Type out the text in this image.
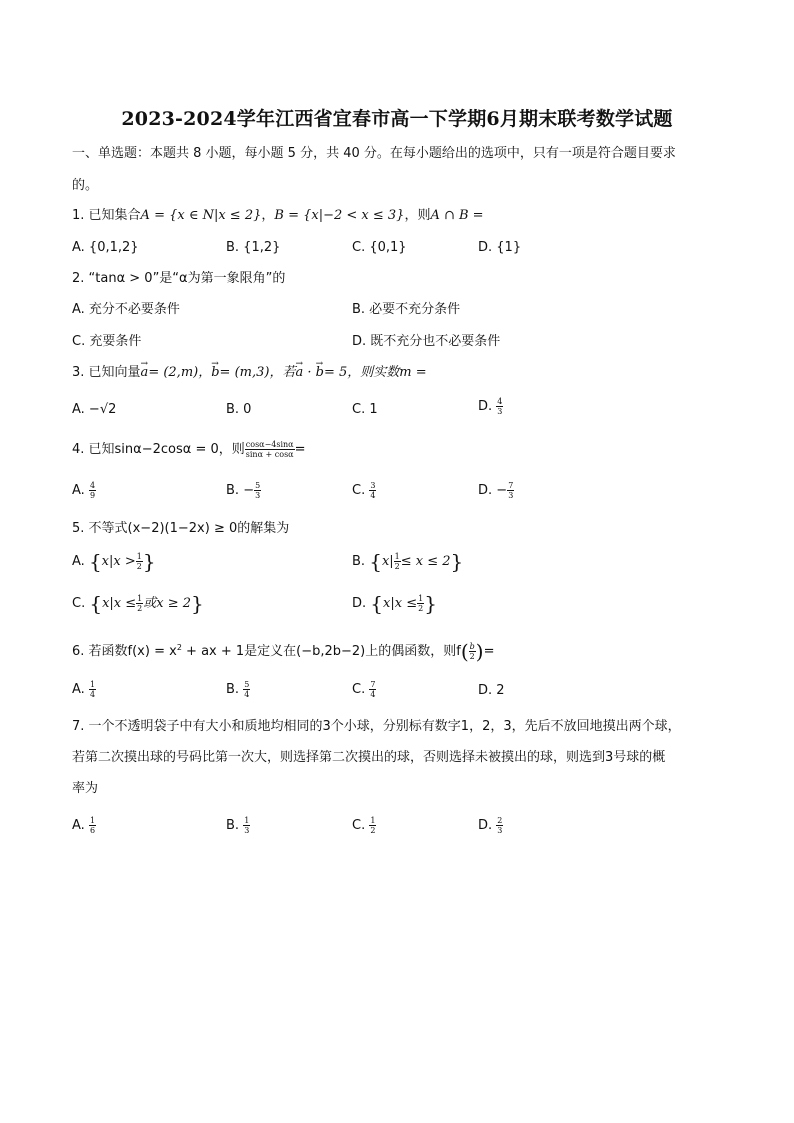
2023-2024学年江西省宜春市高一下学期6月期末联考数学试题
一、单选题：本题共 8 小题，每小题 5 分，共 40 分。在每小题给出的选项中，只有一项是符合题目要求
的。
1. 已知集合A = {x ∈ N|x ≤ 2}，B = {x|−2 < x ≤ 3}，则A ∩ B =
A. {0,1,2}	B. {1,2}	C. {0,1}	D. {1}
2. “tanα > 0”是“α为第一象限角”的
A. 充分不必要条件	B. 必要不充分条件
C. 充要条件	D. 既不充分也不必要条件
3. 已知向量→ a= (2,m)，→ b= (m,3)，若→ a · → b= 5，则实数m =
A. −√2	B. 0	C. 1	D. $\frac{4}{3}$
4. 已知sinα−2cosα = 0，则 $\frac{\cos\alpha-4\sin\alpha}{\sin\alpha + \cos\alpha}$ =
A. $\frac{4}{9}$	B. − $\frac{5}{3}$	C. $\frac{3}{4}$	D. − $\frac{7}{3}$
5. 不等式(x−2)(1−2x) ≥ 0的解集为
A. {$x|x > \frac{1}{2}$ }	B. $\{x| \frac{1}{2} \le x \le 2\}$
C. {$x|x \le \frac{1}{2}$ 或x ≥ 2}	D. {$x|x \le \frac{1}{2}$ }
6. 若函数$f(x) = x^2$ + ax + 1是定义在(−b,2b−2)上的偶函数，则$f( \frac{b}{2}$ )=
A. $\frac{1}{4}$	B. $\frac{5}{4}$	C. $\frac{7}{4}$	D. 2
7. 一个不透明袋子中有大小和质地均相同的3个小球，分别标有数字1，2，3，先后不放回地摸出两个球，
若第二次摸出球的号码比第一次大，则选择第二次摸出的球，否则选择未被摸出的球，则选到3号球的概
率为
A. $\frac{1}{6}$	B. $\frac{1}{3}$	C. $\frac{1}{2}$	D. $\frac{2}{3}$
